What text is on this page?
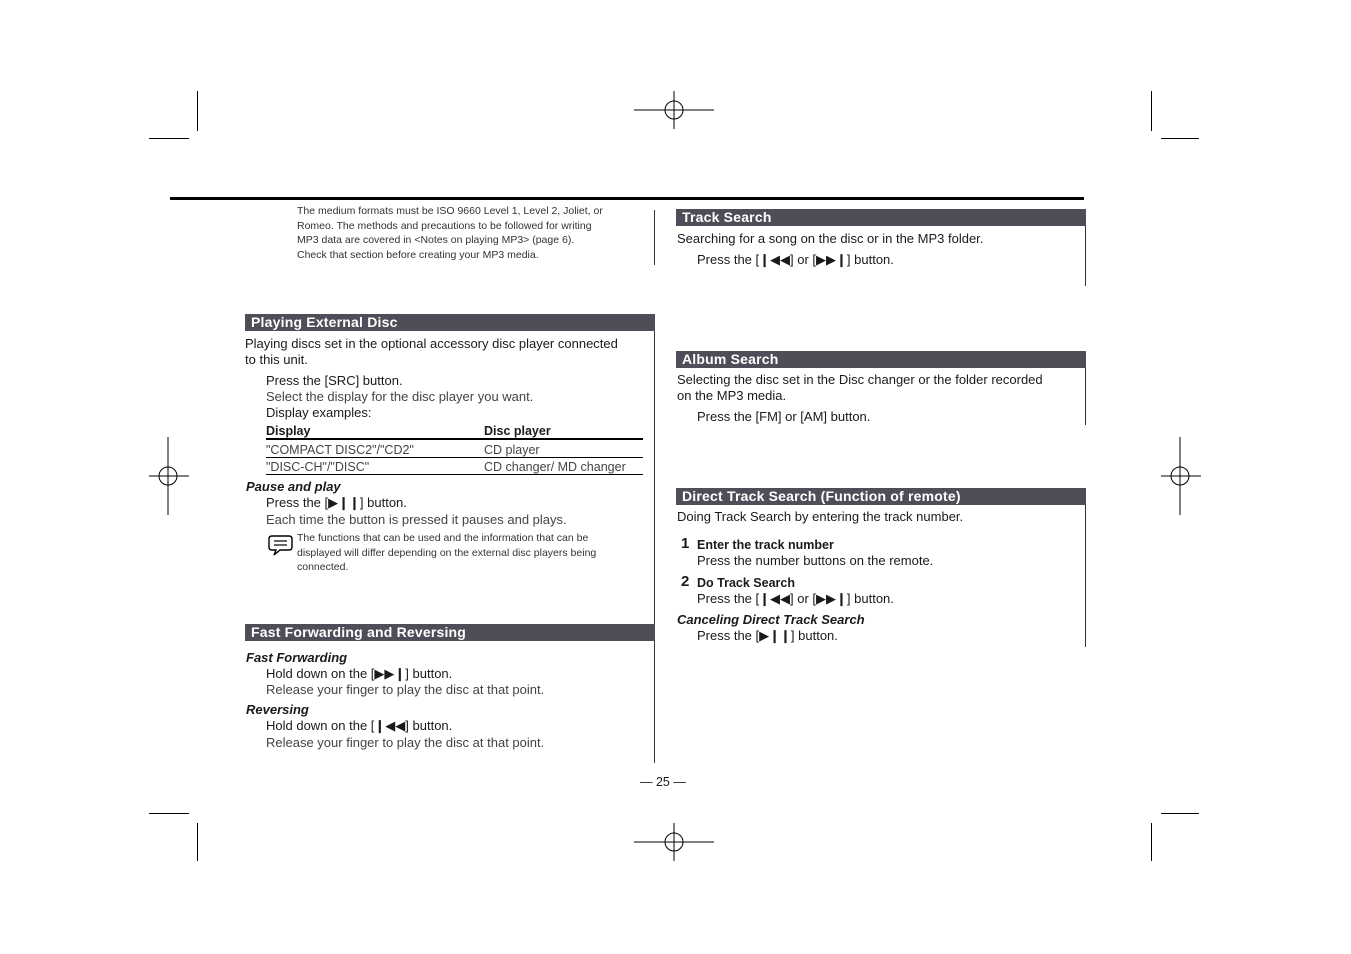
The medium formats must be ISO 9660 Level 1, Level 2, Joliet, or
Romeo. The methods and precautions to be followed for writing
MP3 data are covered in <Notes on playing MP3> (page 6).
Check that section before creating your MP3 media.
Playing External Disc
Playing discs set in the optional accessory disc player connected
to this unit.
Press the [SRC] button.
Select the display for the disc player you want.
Display examples:
Display	Disc player
"COMPACT DISC2"/"CD2"	CD player
"DISC-CH"/"DISC"	CD changer/ MD changer
Pause and play
Press the [▶❙❙] button.
Each time the button is pressed it pauses and plays.
The functions that can be used and the information that can be
displayed will differ depending on the external disc players being
connected.
Fast Forwarding and Reversing
Fast Forwarding
Hold down on the [▶▶❙] button.
Release your finger to play the disc at that point.
Reversing
Hold down on the [❙◀◀] button.
Release your finger to play the disc at that point.
Track Search
Searching for a song on the disc or in the MP3 folder.
Press the [❙◀◀] or [▶▶❙] button.
Album Search
Selecting the disc set in the Disc changer or the folder recorded
on the MP3 media.
Press the [FM] or [AM] button.
Direct Track Search (Function of remote)
Doing Track Search by entering the track number.
1 Enter the track number
Press the number buttons on the remote.
2 Do Track Search
Press the [❙◀◀] or [▶▶❙] button.
Canceling Direct Track Search
Press the [▶❙❙] button.
— 25 —
